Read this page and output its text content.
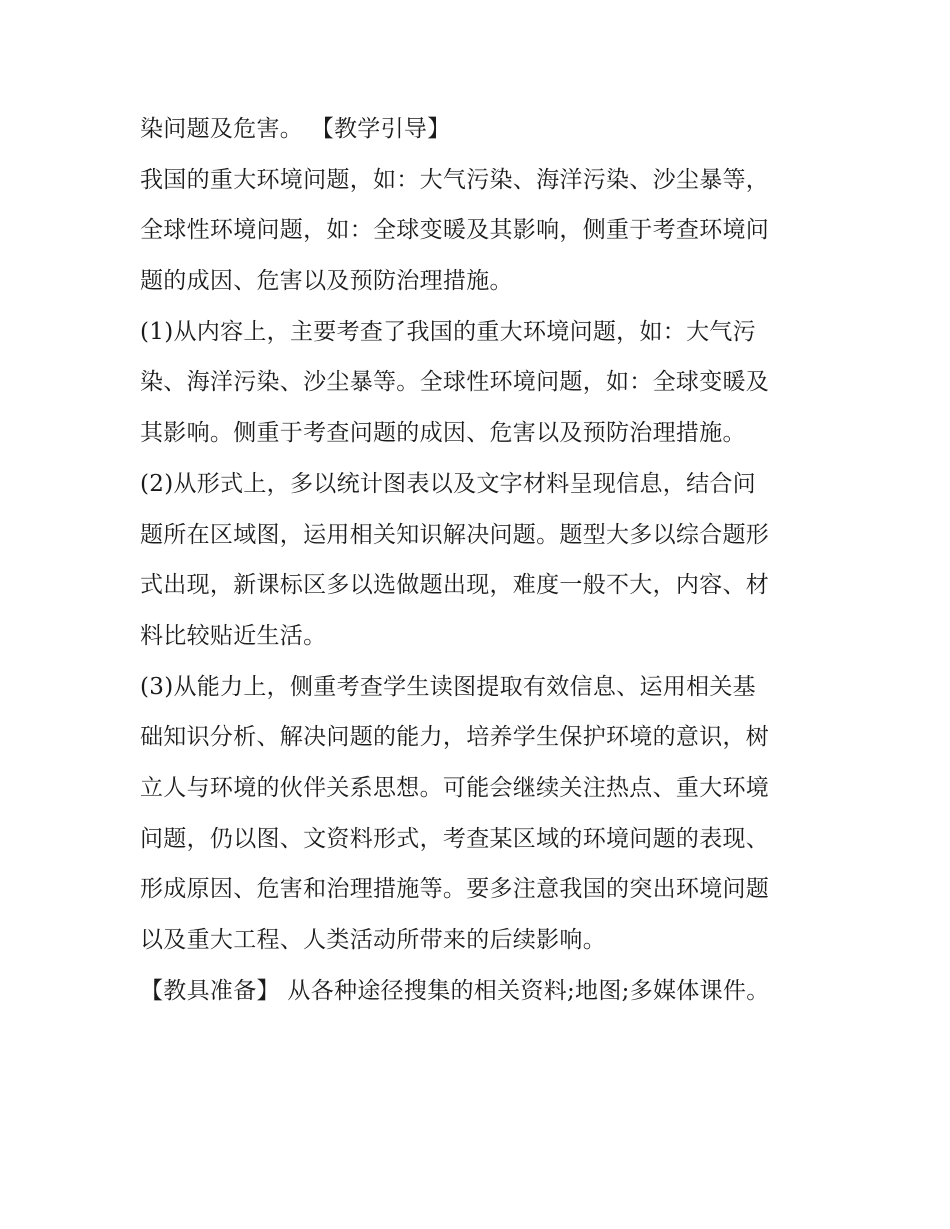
染问题及危害。 【教学引导】
我国的重大环境问题，如：大气污染、海洋污染、沙尘暴等，
全球性环境问题，如：全球变暖及其影响，侧重于考查环境问
题的成因、危害以及预防治理措施。
(1)从内容上，主要考查了我国的重大环境问题，如：大气污
染、海洋污染、沙尘暴等。全球性环境问题，如：全球变暖及
其影响。侧重于考查问题的成因、危害以及预防治理措施。
(2)从形式上，多以统计图表以及文字材料呈现信息，结合问
题所在区域图，运用相关知识解决问题。题型大多以综合题形
式出现，新课标区多以选做题出现，难度一般不大，内容、材
料比较贴近生活。
(3)从能力上，侧重考查学生读图提取有效信息、运用相关基
础知识分析、解决问题的能力，培养学生保护环境的意识，树
立人与环境的伙伴关系思想。可能会继续关注热点、重大环境
问题，仍以图、文资料形式，考查某区域的环境问题的表现、
形成原因、危害和治理措施等。要多注意我国的突出环境问题
以及重大工程、人类活动所带来的后续影响。
【教具准备】 从各种途径搜集的相关资料;地图;多媒体课件。
